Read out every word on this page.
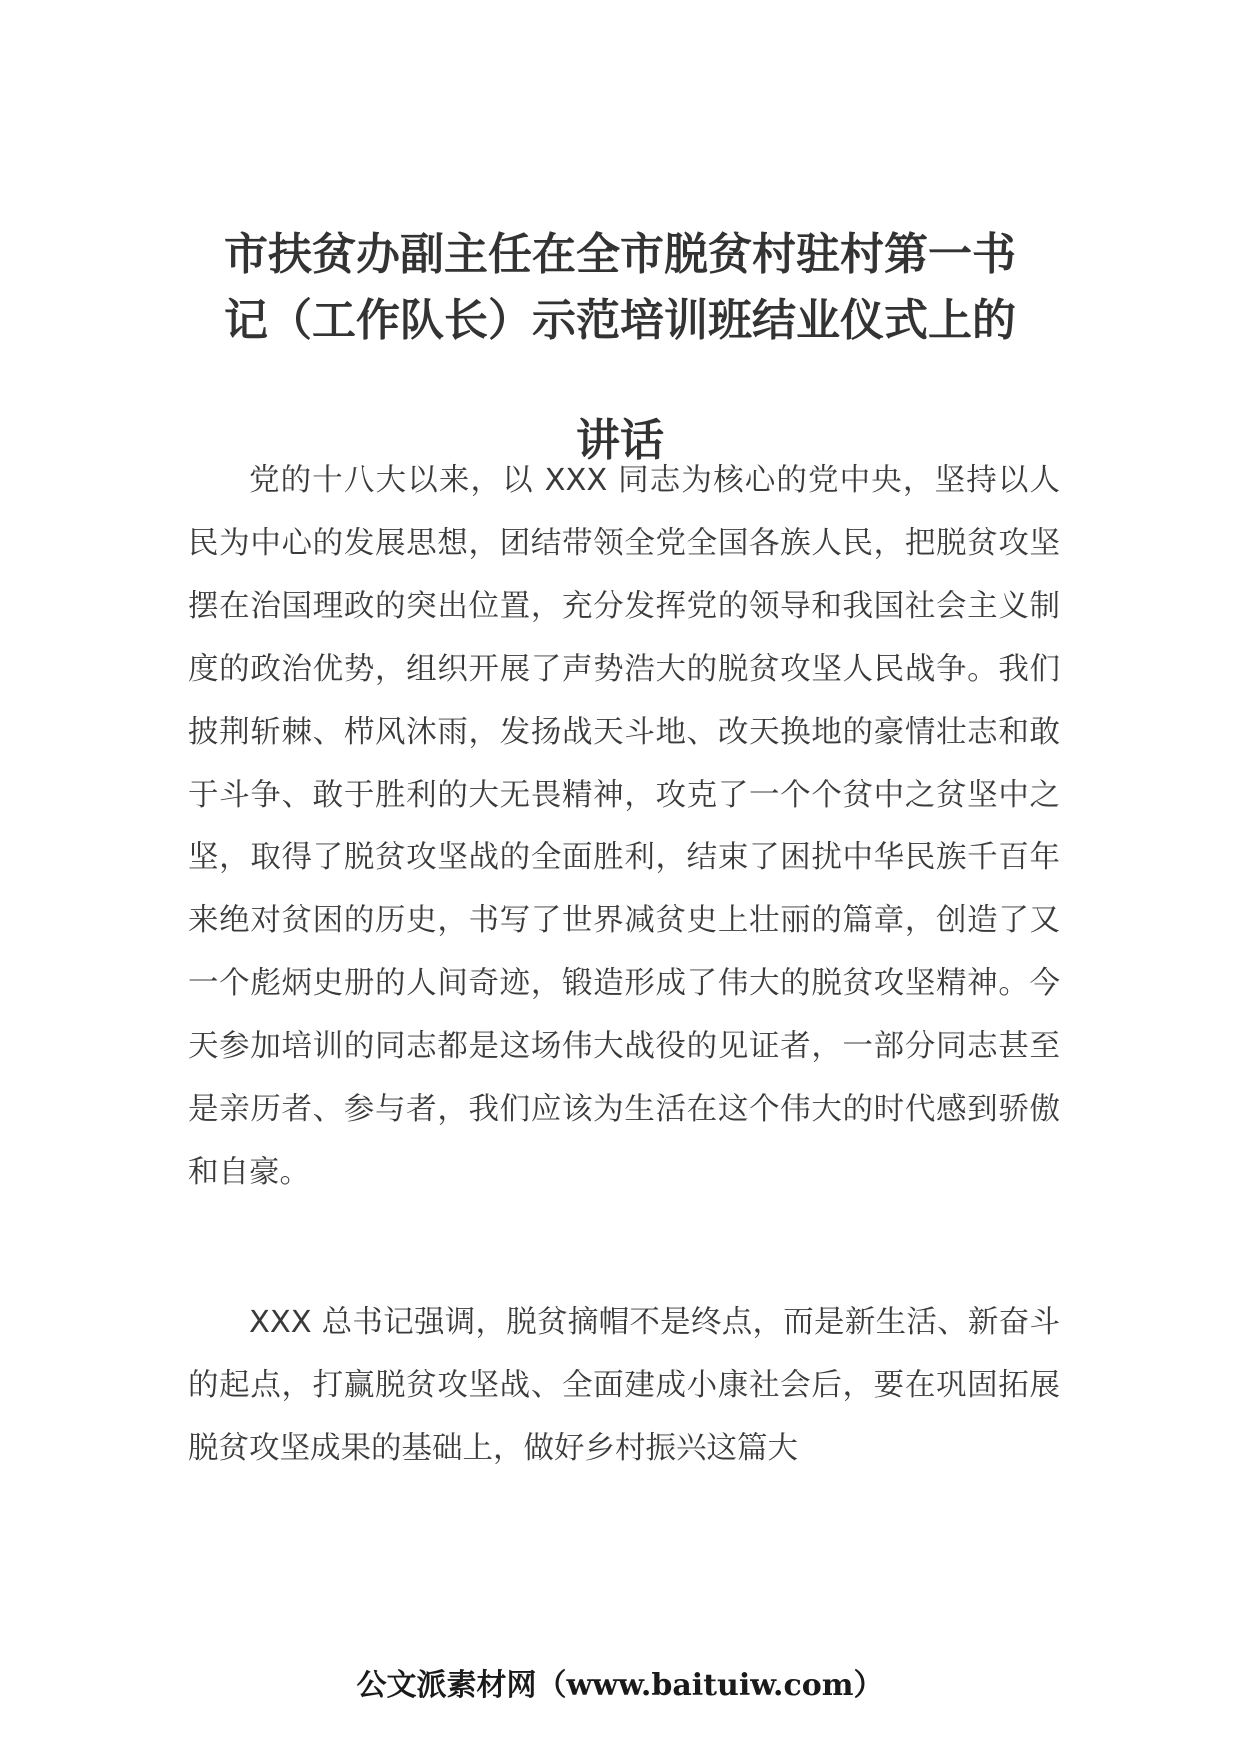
市扶贫办副主任在全市脱贫村驻村第一书
记（工作队长）示范培训班结业仪式上的
讲话

党的十八大以来，以 XXX 同志为核心的党中央，坚持以人民为中心的发展思想，团结带领全党全国各族人民，把脱贫攻坚摆在治国理政的突出位置，充分发挥党的领导和我国社会主义制度的政治优势，组织开展了声势浩大的脱贫攻坚人民战争。我们披荆斩棘、栉风沐雨，发扬战天斗地、改天换地的豪情壮志和敢于斗争、敢于胜利的大无畏精神，攻克了一个个贫中之贫坚中之坚，取得了脱贫攻坚战的全面胜利，结束了困扰中华民族千百年来绝对贫困的历史，书写了世界减贫史上壮丽的篇章，创造了又一个彪炳史册的人间奇迹，锻造形成了伟大的脱贫攻坚精神。今天参加培训的同志都是这场伟大战役的见证者，一部分同志甚至是亲历者、参与者，我们应该为生活在这个伟大的时代感到骄傲和自豪。

XXX 总书记强调，脱贫摘帽不是终点，而是新生活、新奋斗的起点，打赢脱贫攻坚战、全面建成小康社会后，要在巩固拓展脱贫攻坚成果的基础上，做好乡村振兴这篇大

公文派素材网（www.baituiw.com）
